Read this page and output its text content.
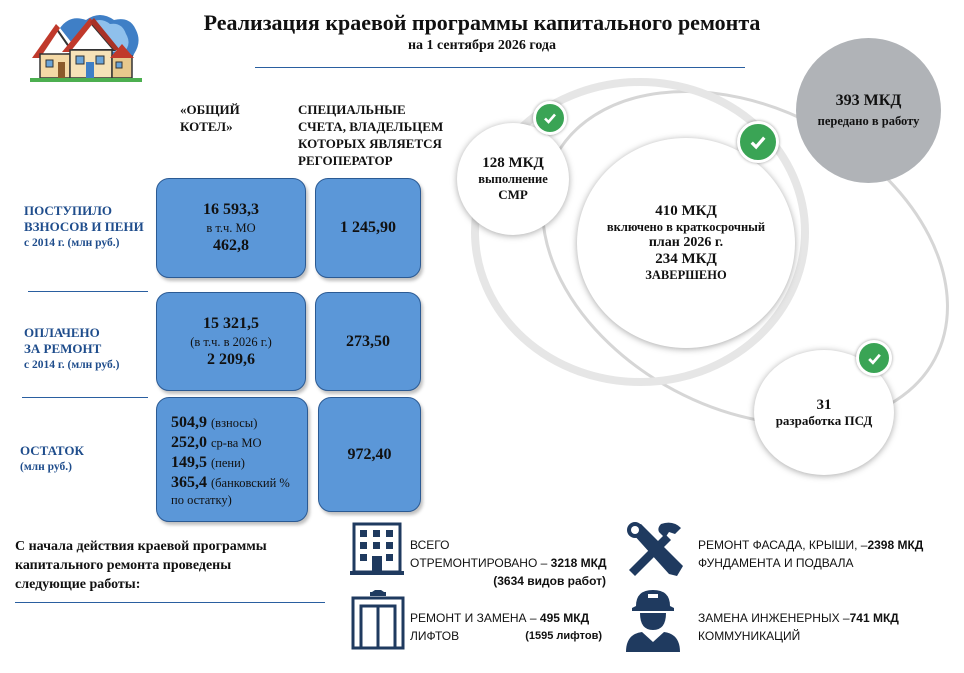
Реализация краевой программы капитального ремонта
на 1 сентября 2026 года
«ОБЩИЙ КОТЕЛ»
СПЕЦИАЛЬНЫЕ
СЧЕТА, ВЛАДЕЛЬЦЕМ
КОТОРЫХ ЯВЛЯЕТСЯ
РЕГОПЕРАТОР
ПОСТУПИЛО
ВЗНОСОВ И ПЕНИ
с 2014 г. (млн руб.)
ОПЛАЧЕНО
ЗА РЕМОНТ
с 2014 г. (млн руб.)
ОСТАТОК
(млн руб.)
16 593,3
в т.ч. МО
462,8
1 245,90
15 321,5
(в т.ч. в 2026 г.)
2 209,6
273,50
504,9 (взносы)
252,0 ср-ва МО
149,5 (пени)
365,4 (банковский %
по остатку)
972,40
128 МКД
выполнение
СМР
410 МКД
включено в краткосрочный
план 2026 г.
234 МКД
ЗАВЕРШЕНО
393 МКД
передано в работу
31
разработка ПСД
С начала действия краевой программы
капитального ремонта проведены
следующие работы:
ВСЕГО
ОТРЕМОНТИРОВАНО – 3218 МКД
(3634 видов работ)
РЕМОНТ И ЗАМЕНА – 495 МКД
ЛИФТОВ	(1595 лифтов)
РЕМОНТ ФАСАДА, КРЫШИ, –2398 МКД
ФУНДАМЕНТА И ПОДВАЛА
ЗАМЕНА ИНЖЕНЕРНЫХ –741 МКД
КОММУНИКАЦИЙ
